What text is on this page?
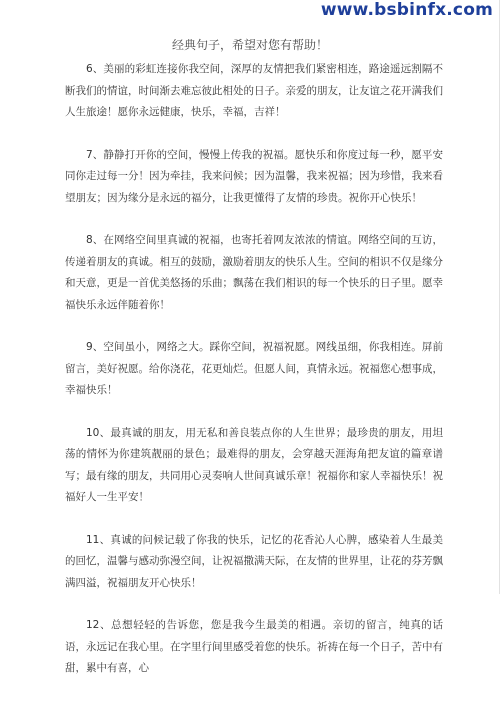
www.bsbinfx.com
经典句子，希望对您有帮助！

6、美丽的彩虹连接你我空间，深厚的友情把我们紧密相连，路途遥远割隔不断我们的情谊，时间渐去难忘彼此相处的日子。亲爱的朋友，让友谊之花开满我们人生旅途！愿你永远健康，快乐，幸福，吉祥！

7、静静打开你的空间，慢慢上传我的祝福。愿快乐和你度过每一秒，愿平安同你走过每一分！因为牵挂，我来问候；因为温馨，我来祝福；因为珍惜，我来看望朋友；因为缘分是永远的福分，让我更懂得了友情的珍贵。祝你开心快乐！

8、在网络空间里真诚的祝福，也寄托着网友浓浓的情谊。网络空间的互访，传递着朋友的真诚。相互的鼓励，激励着朋友的快乐人生。空间的相识不仅是缘分和天意，更是一首优美悠扬的乐曲；飘荡在我们相识的每一个快乐的日子里。愿幸福快乐永远伴随着你！

9、空间虽小，网络之大。踩你空间，祝福祝愿。网线虽细，你我相连。屏前留言，美好祝愿。给你浇花，花更灿烂。但愿人间，真情永远。祝福您心想事成，幸福快乐！

10、最真诚的朋友，用无私和善良装点你的人生世界；最珍贵的朋友，用坦荡的情怀为你建筑靓丽的景色；最难得的朋友，会穿越天涯海角把友谊的篇章谱写；最有缘的朋友，共同用心灵奏响人世间真诚乐章！祝福你和家人幸福快乐！祝福好人一生平安！

11、真诚的问候记载了你我的快乐，记忆的花香沁人心脾，感染着人生最美的回忆，温馨与感动弥漫空间，让祝福撒满天际，在友情的世界里，让花的芬芳飘满四溢，祝福朋友开心快乐！

12、总想轻轻的告诉您，您是我今生最美的相遇。亲切的留言，纯真的话语，永远记在我心里。在字里行间里感受着您的快乐。祈祷在每一个日子，苦中有甜，累中有喜，心
